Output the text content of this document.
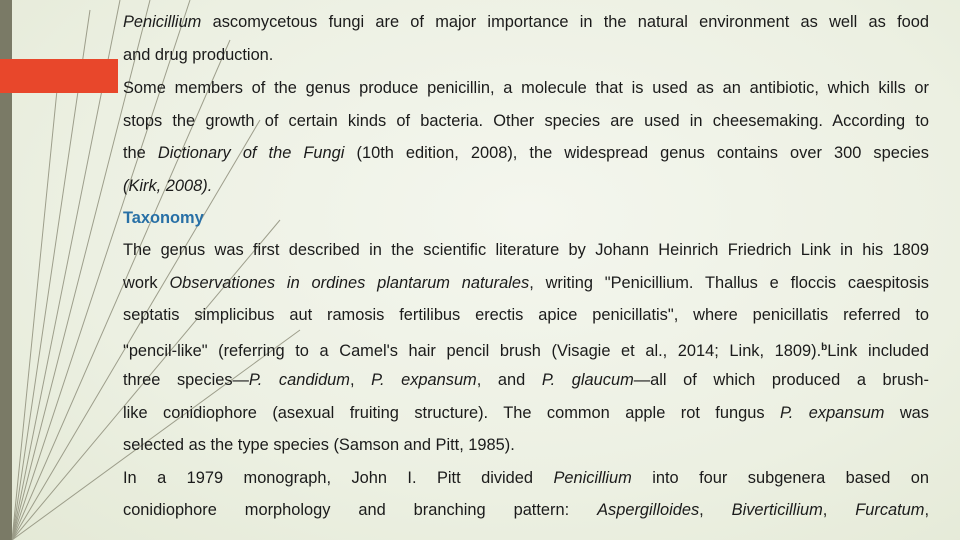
Penicillium ascomycetous fungi are of major importance in the natural environment as well as food
and drug production.
Some members of the genus produce penicillin, a molecule that is used as an antibiotic, which kills or
stops the growth of certain kinds of bacteria. Other species are used in cheesemaking. According to
the Dictionary of the Fungi (10th edition, 2008), the widespread genus contains over 300 species
(Kirk, 2008).
Taxonomy
The genus was first described in the scientific literature by Johann Heinrich Friedrich Link in his 1809
work Observationes in ordines plantarum naturales, writing "Penicillium. Thallus e floccis caespitosis
septatis simplicibus aut ramosis fertilibus erectis apice penicillatis", where penicillatis referred to
"pencil-like" (referring to a Camel's hair pencil brush (Visagie et al., 2014; Link, 1809).$^b$Link included
three species—P. candidum, P. expansum, and P. glaucum—all of which produced a brush-
like conidiophore (asexual fruiting structure). The common apple rot fungus P. expansum was
selected as the type species (Samson and Pitt, 1985).
In a 1979 monograph, John I. Pitt divided Penicillium into four subgenera based on
conidiophore morphology and branching pattern: Aspergilloides, Biverticillium, Furcatum,
